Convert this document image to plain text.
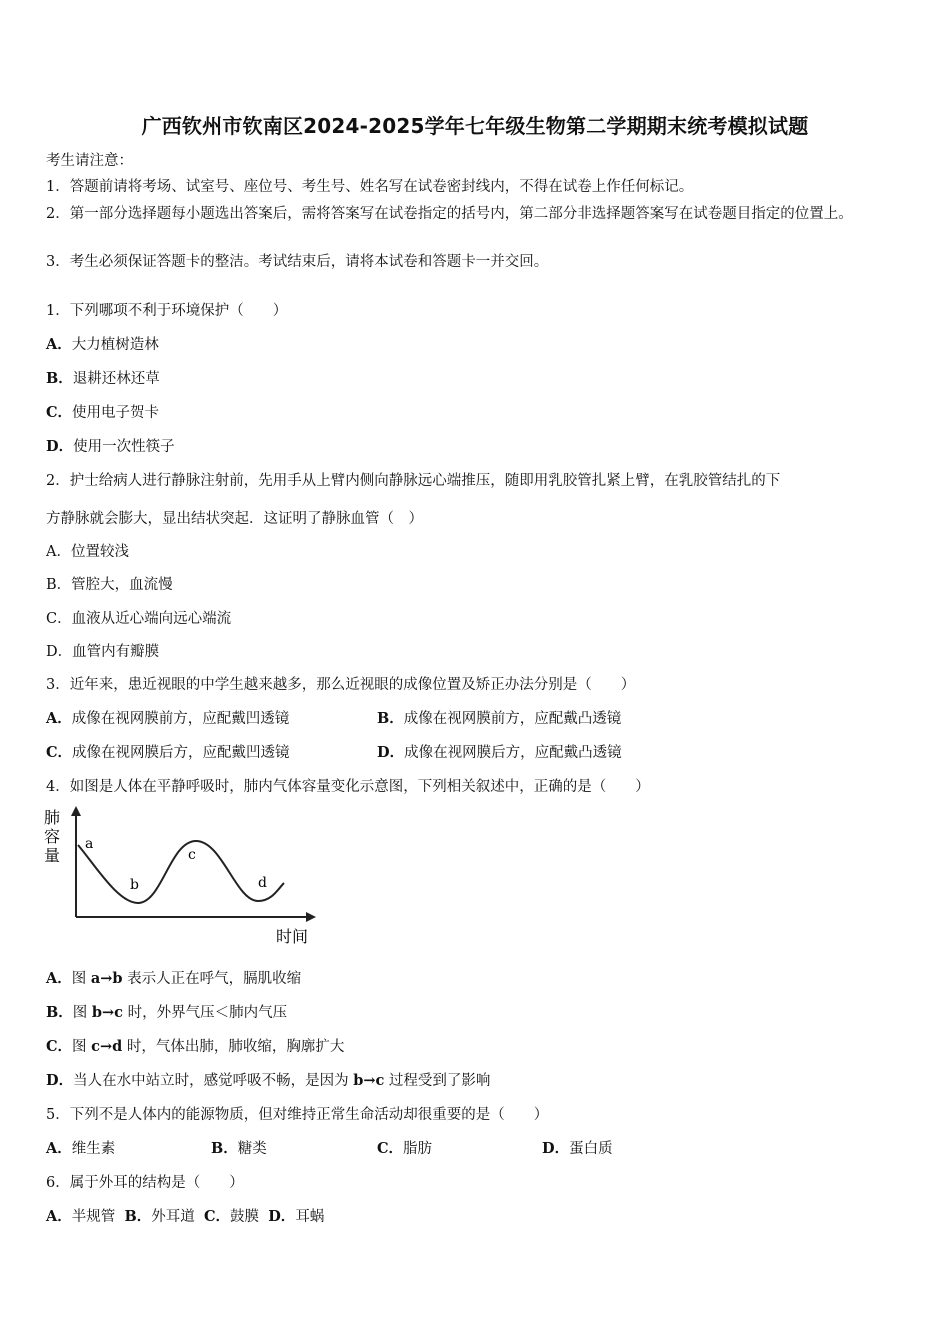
广西钦州市钦南区2024-2025学年七年级生物第二学期期末统考模拟试题
考生请注意：
1．答题前请将考场、试室号、座位号、考生号、姓名写在试卷密封线内，不得在试卷上作任何标记。
2．第一部分选择题每小题选出答案后，需将答案写在试卷指定的括号内，第二部分非选择题答案写在试卷题目指定的位置上。
3．考生必须保证答题卡的整洁。考试结束后，请将本试卷和答题卡一并交回。
1．下列哪项不利于环境保护（　　）
A．大力植树造林
B．退耕还林还草
C．使用电子贺卡
D．使用一次性筷子
2．护士给病人进行静脉注射前，先用手从上臂内侧向静脉远心端推压，随即用乳胶管扎紧上臂，在乳胶管结扎的下
方静脉就会膨大，显出结状突起．这证明了静脉血管（　）
A．位置较浅
B．管腔大，血流慢
C．血液从近心端向远心端流
D．血管内有瓣膜
3．近年来，患近视眼的中学生越来越多，那么近视眼的成像位置及矫正办法分别是（　　）
A．成像在视网膜前方，应配戴凹透镜	B．成像在视网膜前方，应配戴凸透镜
C．成像在视网膜后方，应配戴凹透镜	D．成像在视网膜后方，应配戴凸透镜
4．如图是人体在平静呼吸时，肺内气体容量变化示意图，下列相关叙述中，正确的是（　　）
肺
容
量
a
b
c
d
时间
A．图 a→b 表示人正在呼气，膈肌收缩
B．图 b→c 时，外界气压＜肺内气压
C．图 c→d 时，气体出肺，肺收缩，胸廓扩大
D．当人在水中站立时，感觉呼吸不畅，是因为 b→c 过程受到了影响
5．下列不是人体内的能源物质，但对维持正常生命活动却很重要的是（　　）
A．维生素	B．糖类	C．脂肪	D．蛋白质
6．属于外耳的结构是（　　）
A．半规管 B．外耳道 C．鼓膜 D．耳蜗
